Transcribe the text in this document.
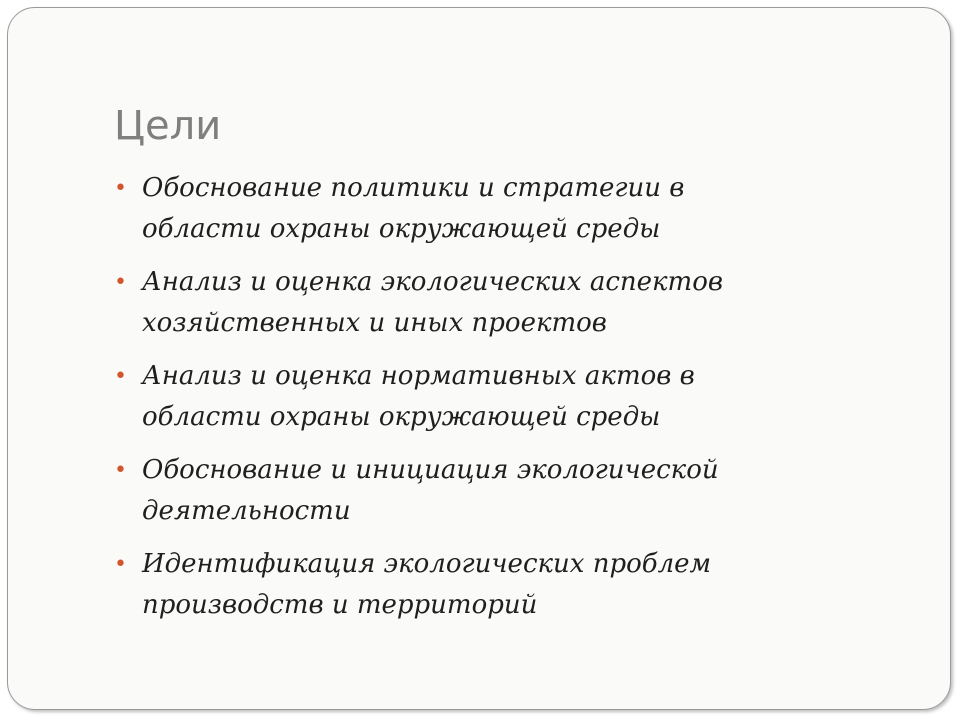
Цели
• Обоснование политики и стратегии в области охраны окружающей среды
• Анализ и оценка экологических аспектов хозяйственных и иных проектов
• Анализ и оценка нормативных актов в области охраны окружающей среды
• Обоснование и инициация экологической деятельности
• Идентификация экологических проблем производств и территорий
